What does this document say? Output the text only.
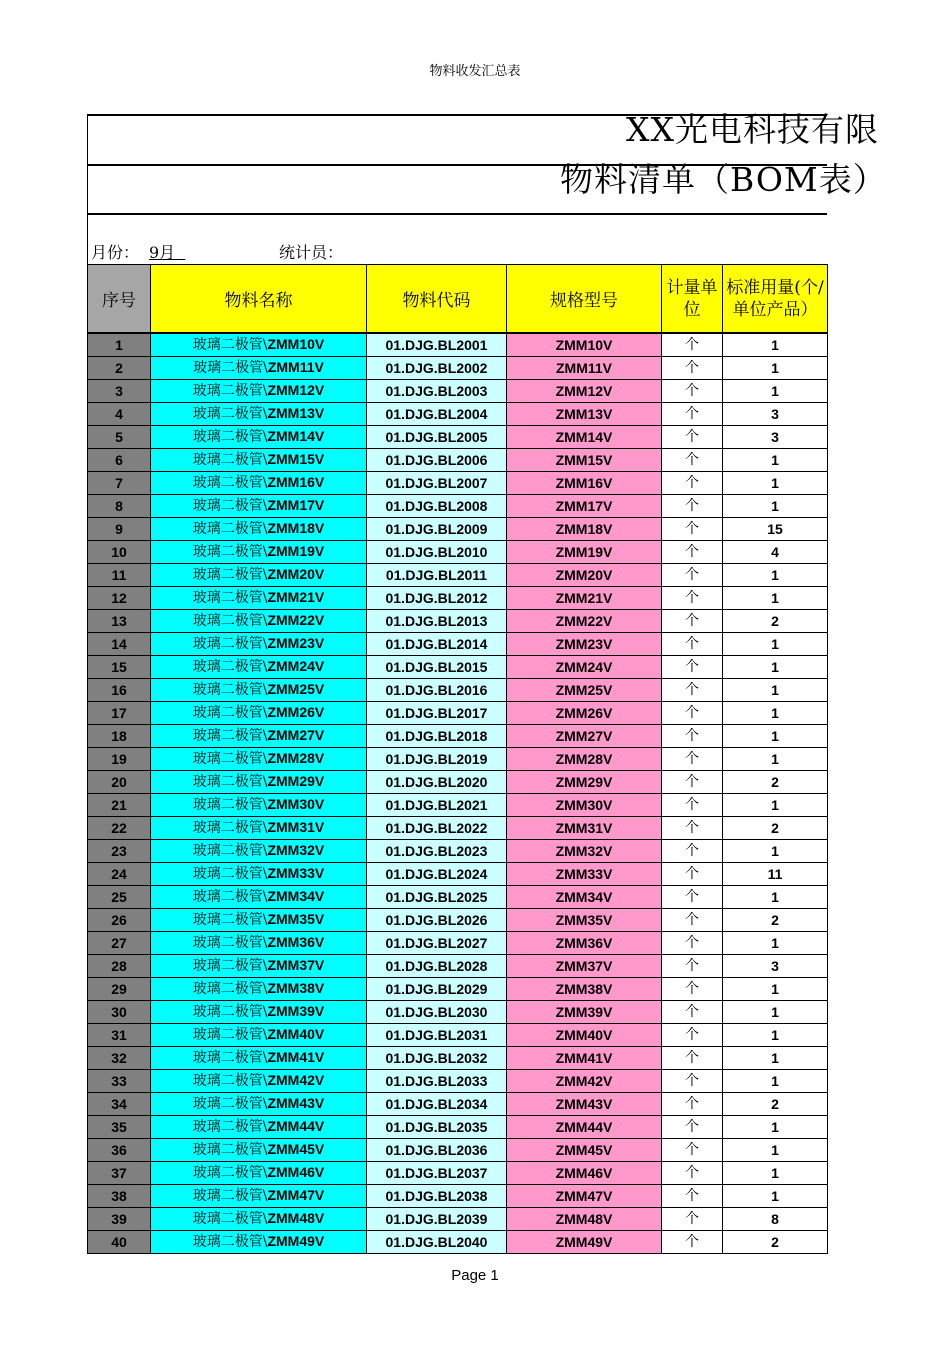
物料收发汇总表
XX光电科技有限
物料清单（BOM表）
月份： 9月	统计员：
序号	物料名称	物料代码	规格型号	计量单位	标准用量(个/单位产品）
1	玻璃二极管\ZMM10V	01.DJG.BL2001	ZMM10V	个	1
2	玻璃二极管\ZMM11V	01.DJG.BL2002	ZMM11V	个	1
3	玻璃二极管\ZMM12V	01.DJG.BL2003	ZMM12V	个	1
4	玻璃二极管\ZMM13V	01.DJG.BL2004	ZMM13V	个	3
5	玻璃二极管\ZMM14V	01.DJG.BL2005	ZMM14V	个	3
6	玻璃二极管\ZMM15V	01.DJG.BL2006	ZMM15V	个	1
7	玻璃二极管\ZMM16V	01.DJG.BL2007	ZMM16V	个	1
8	玻璃二极管\ZMM17V	01.DJG.BL2008	ZMM17V	个	1
9	玻璃二极管\ZMM18V	01.DJG.BL2009	ZMM18V	个	15
10	玻璃二极管\ZMM19V	01.DJG.BL2010	ZMM19V	个	4
11	玻璃二极管\ZMM20V	01.DJG.BL2011	ZMM20V	个	1
12	玻璃二极管\ZMM21V	01.DJG.BL2012	ZMM21V	个	1
13	玻璃二极管\ZMM22V	01.DJG.BL2013	ZMM22V	个	2
14	玻璃二极管\ZMM23V	01.DJG.BL2014	ZMM23V	个	1
15	玻璃二极管\ZMM24V	01.DJG.BL2015	ZMM24V	个	1
16	玻璃二极管\ZMM25V	01.DJG.BL2016	ZMM25V	个	1
17	玻璃二极管\ZMM26V	01.DJG.BL2017	ZMM26V	个	1
18	玻璃二极管\ZMM27V	01.DJG.BL2018	ZMM27V	个	1
19	玻璃二极管\ZMM28V	01.DJG.BL2019	ZMM28V	个	1
20	玻璃二极管\ZMM29V	01.DJG.BL2020	ZMM29V	个	2
21	玻璃二极管\ZMM30V	01.DJG.BL2021	ZMM30V	个	1
22	玻璃二极管\ZMM31V	01.DJG.BL2022	ZMM31V	个	2
23	玻璃二极管\ZMM32V	01.DJG.BL2023	ZMM32V	个	1
24	玻璃二极管\ZMM33V	01.DJG.BL2024	ZMM33V	个	11
25	玻璃二极管\ZMM34V	01.DJG.BL2025	ZMM34V	个	1
26	玻璃二极管\ZMM35V	01.DJG.BL2026	ZMM35V	个	2
27	玻璃二极管\ZMM36V	01.DJG.BL2027	ZMM36V	个	1
28	玻璃二极管\ZMM37V	01.DJG.BL2028	ZMM37V	个	3
29	玻璃二极管\ZMM38V	01.DJG.BL2029	ZMM38V	个	1
30	玻璃二极管\ZMM39V	01.DJG.BL2030	ZMM39V	个	1
31	玻璃二极管\ZMM40V	01.DJG.BL2031	ZMM40V	个	1
32	玻璃二极管\ZMM41V	01.DJG.BL2032	ZMM41V	个	1
33	玻璃二极管\ZMM42V	01.DJG.BL2033	ZMM42V	个	1
34	玻璃二极管\ZMM43V	01.DJG.BL2034	ZMM43V	个	2
35	玻璃二极管\ZMM44V	01.DJG.BL2035	ZMM44V	个	1
36	玻璃二极管\ZMM45V	01.DJG.BL2036	ZMM45V	个	1
37	玻璃二极管\ZMM46V	01.DJG.BL2037	ZMM46V	个	1
38	玻璃二极管\ZMM47V	01.DJG.BL2038	ZMM47V	个	1
39	玻璃二极管\ZMM48V	01.DJG.BL2039	ZMM48V	个	8
40	玻璃二极管\ZMM49V	01.DJG.BL2040	ZMM49V	个	2
Page 1
